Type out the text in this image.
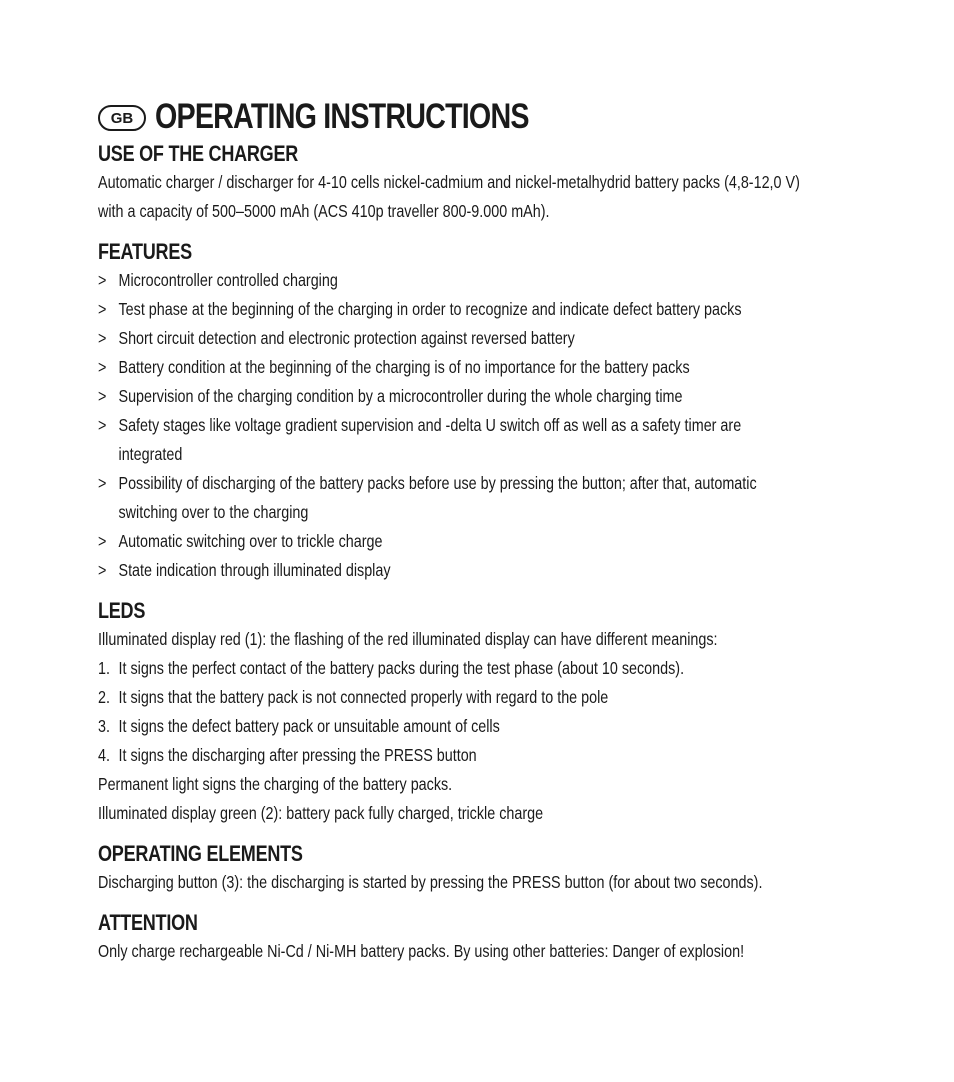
GB OPERATING INSTRUCTIONS
USE OF THE CHARGER
Automatic charger / discharger for 4-10 cells nickel-cadmium and nickel-metalhydrid battery packs (4,8-12,0 V)
with a capacity of 500–5000 mAh (ACS 410p traveller 800-9.000 mAh).
FEATURES
> Microcontroller controlled charging
> Test phase at the beginning of the charging in order to recognize and indicate defect battery packs
> Short circuit detection and electronic protection against reversed battery
> Battery condition at the beginning of the charging is of no importance for the battery packs
> Supervision of the charging condition by a microcontroller during the whole charging time
> Safety stages like voltage gradient supervision and -delta U switch off as well as a safety timer are
integrated
> Possibility of discharging of the battery packs before use by pressing the button; after that, automatic
switching over to the charging
> Automatic switching over to trickle charge
> State indication through illuminated display
LEDS
Illuminated display red (1): the flashing of the red illuminated display can have different meanings:
1. It signs the perfect contact of the battery packs during the test phase (about 10 seconds).
2. It signs that the battery pack is not connected properly with regard to the pole
3. It signs the defect battery pack or unsuitable amount of cells
4. It signs the discharging after pressing the PRESS button
Permanent light signs the charging of the battery packs.
Illuminated display green (2): battery pack fully charged, trickle charge
OPERATING ELEMENTS
Discharging button (3): the discharging is started by pressing the PRESS button (for about two seconds).
ATTENTION
Only charge rechargeable Ni-Cd / Ni-MH battery packs. By using other batteries: Danger of explosion!
